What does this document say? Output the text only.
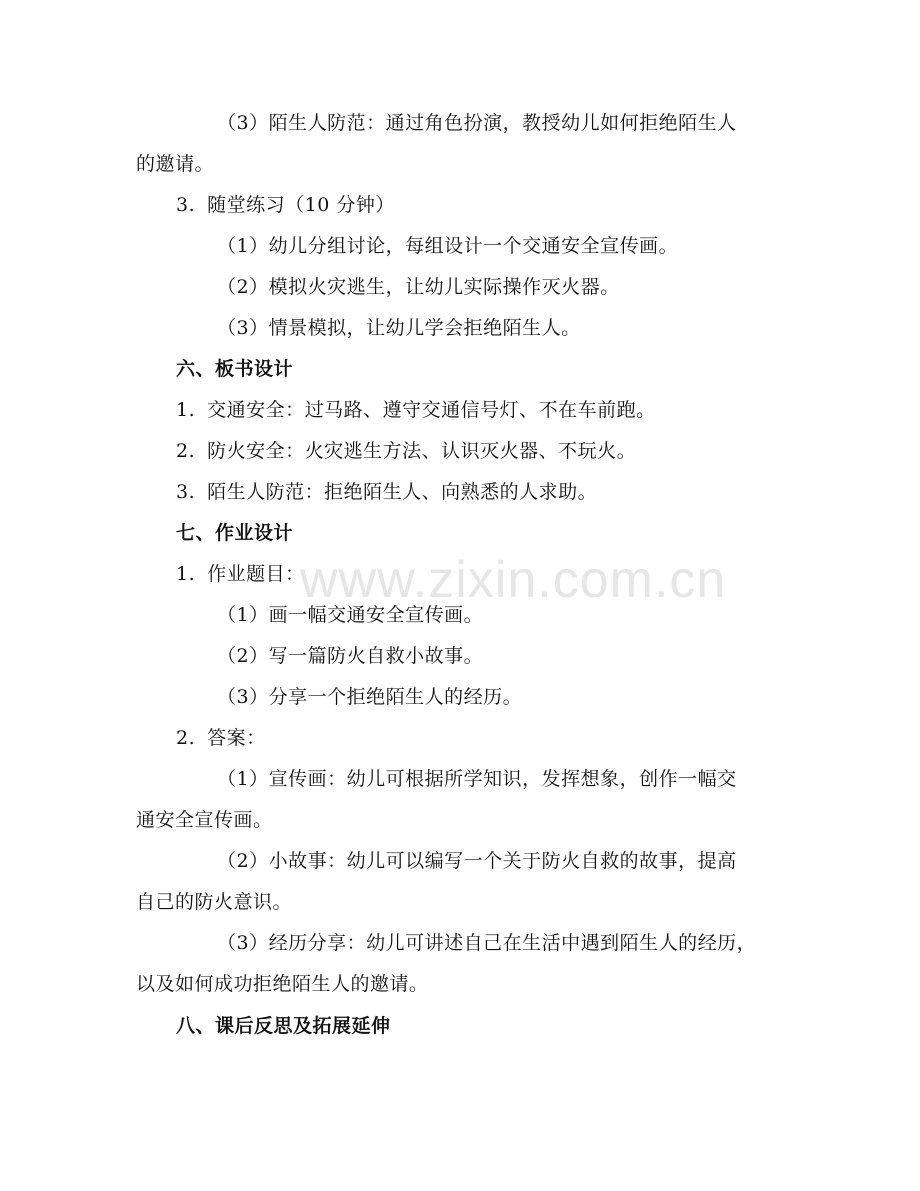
www.zixin.com.cn
（3）陌生人防范：通过角色扮演，教授幼儿如何拒绝陌生人
的邀请。
3. 随堂练习（10 分钟）
（1）幼儿分组讨论，每组设计一个交通安全宣传画。
（2）模拟火灾逃生，让幼儿实际操作灭火器。
（3）情景模拟，让幼儿学会拒绝陌生人。
六、板书设计
1. 交通安全：过马路、遵守交通信号灯、不在车前跑。
2. 防火安全：火灾逃生方法、认识灭火器、不玩火。
3. 陌生人防范：拒绝陌生人、向熟悉的人求助。
七、作业设计
1. 作业题目：
（1）画一幅交通安全宣传画。
（2）写一篇防火自救小故事。
（3）分享一个拒绝陌生人的经历。
2. 答案：
（1）宣传画：幼儿可根据所学知识，发挥想象，创作一幅交
通安全宣传画。
（2）小故事：幼儿可以编写一个关于防火自救的故事，提高
自己的防火意识。
（3）经历分享：幼儿可讲述自己在生活中遇到陌生人的经历，
以及如何成功拒绝陌生人的邀请。
八、课后反思及拓展延伸
